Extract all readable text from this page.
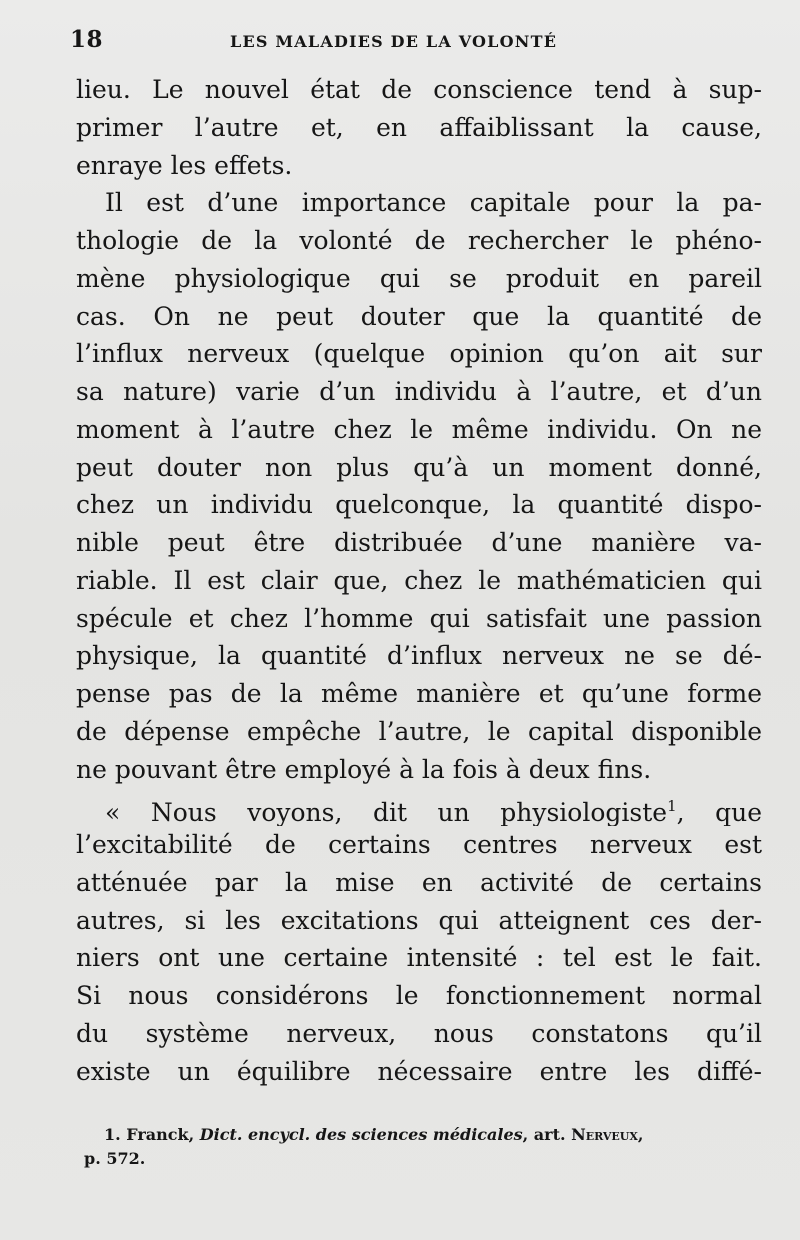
18	LES MALADIES DE LA VOLONTÉ
lieu. Le nouvel état de conscience tend à sup-
primer l’autre et, en affaiblissant la cause,
enraye les effets.
Il est d’une importance capitale pour la pa-
thologie de la volonté de rechercher le phéno-
mène physiologique qui se produit en pareil
cas. On ne peut douter que la quantité de
l’influx nerveux (quelque opinion qu’on ait sur
sa nature) varie d’un individu à l’autre, et d’un
moment à l’autre chez le même individu. On ne
peut douter non plus qu’à un moment donné,
chez un individu quelconque, la quantité dispo-
nible peut être distribuée d’une manière va-
riable. Il est clair que, chez le mathématicien qui
spécule et chez l’homme qui satisfait une passion
physique, la quantité d’influx nerveux ne se dé-
pense pas de la même manière et qu’une forme
de dépense empêche l’autre, le capital disponible
ne pouvant être employé à la fois à deux fins.
« Nous voyons, dit un physiologiste$^1$, que
l’excitabilité de certains centres nerveux est
atténuée par la mise en activité de certains
autres, si les excitations qui atteignent ces der-
niers ont une certaine intensité : tel est le fait.
Si nous considérons le fonctionnement normal
du système nerveux, nous constatons qu’il
existe un équilibre nécessaire entre les diffé-
1. Franck, Dict. encycl. des sciences médicales, art. Nerveux,
p. 572.
